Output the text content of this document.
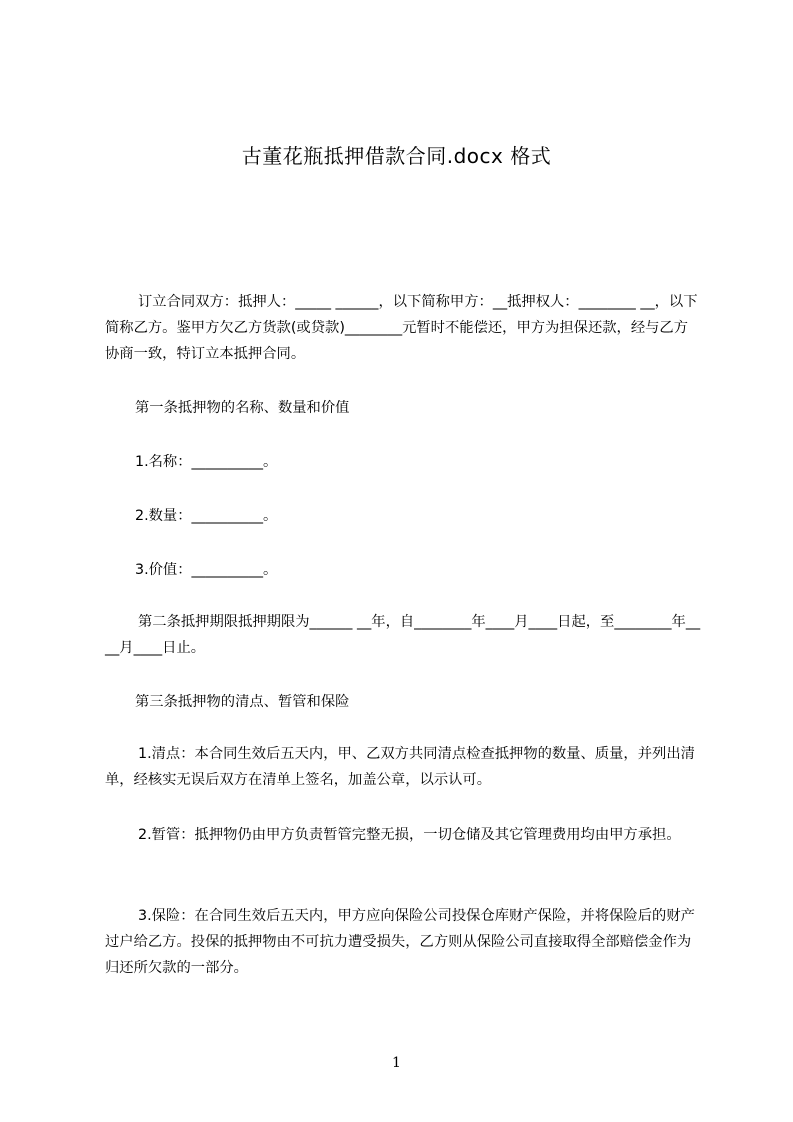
古董花瓶抵押借款合同.docx 格式

订立合同双方：抵押人：_____ ______，以下简称甲方：__抵押权人：________ __，以下简称乙方。鉴甲方欠乙方货款(或贷款)________元暂时不能偿还，甲方为担保还款，经与乙方协商一致，特订立本抵押合同。

第一条抵押物的名称、数量和价值

1.名称：__________。

2.数量：__________。

3.价值：__________。

第二条抵押期限抵押期限为______ __年，自________年____月____日起，至________年____月____日止。

第三条抵押物的清点、暂管和保险

1.清点：本合同生效后五天内，甲、乙双方共同清点检查抵押物的数量、质量，并列出清单，经核实无误后双方在清单上签名，加盖公章，以示认可。

2.暂管：抵押物仍由甲方负责暂管完整无损，一切仓储及其它管理费用均由甲方承担。

3.保险：在合同生效后五天内，甲方应向保险公司投保仓库财产保险，并将保险后的财产过户给乙方。投保的抵押物由不可抗力遭受损失，乙方则从保险公司直接取得全部赔偿金作为归还所欠款的一部分。

1
